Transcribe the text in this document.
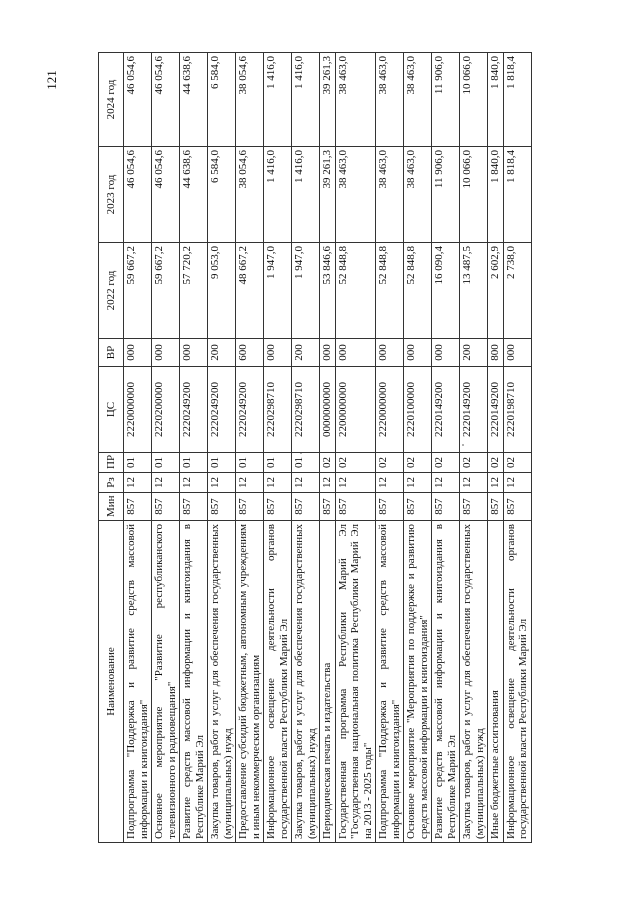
121
Наименование	Мин	Рз	ПР	ЦС	ВР	2022 год	2023 год	2024 год
Подпрограмма "Поддержка и развитие средств массовой информации и книгоиздания"	857	12	01	2220000000	000	59 667,2	46 054,6	46 054,6
Основное мероприятие "Развитие республиканского телевизионного и радиовещания"	857	12	01	2220200000	000	59 667,2	46 054,6	46 054,6
Развитие средств массовой информации и книгоиздания в Республике Марий Эл	857	12	01	2220249200	000	57 720,2	44 638,6	44 638,6
Закупка товаров, работ и услуг для обеспечения государственных (муниципальных) нужд	857	12	01	2220249200	200	9 053,0	6 584,0	6 584,0
Предоставление субсидий бюджетным, автономным учреждениям и иным некоммерческим организациям	857	12	01	2220249200	600	48 667,2	38 054,6	38 054,6
Информационное освещение деятельности органов государственной власти Республики Марий Эл	857	12	01	2220298710	000	1 947,0	1 416,0	1 416,0
Закупка товаров, работ и услуг для обеспечения государственных (муниципальных) нужд	857	12	01	2220298710	200	1 947,0	1 416,0	1 416,0
Периодическая печать и издательства	857	12	02	0000000000	000	53 846,6	39 261,3	39 261,3
Государственная программа Республики Марий Эл "Государственная национальная политика Республики Марий Эл на 2013 - 2025 годы"	857	12	02	2200000000	000	52 848,8	38 463,0	38 463,0
Подпрограмма "Поддержка и развитие средств массовой информации и книгоиздания"	857	12	02	2220000000	000	52 848,8	38 463,0	38 463,0
Основное мероприятие "Мероприятия по поддержке и развитию средств массовой информации и книгоиздания"	857	12	02	2220100000	000	52 848,8	38 463,0	38 463,0
Развитие средств массовой информации и книгоиздания в Республике Марий Эл	857	12	02	2220149200	000	16 090,4	11 906,0	11 906,0
Закупка товаров, работ и услуг для обеспечения государственных (муниципальных) нужд	857	12	02	2220149200	200	13 487,5	10 066,0	10 066,0
Иные бюджетные ассигнования	857	12	02	2220149200	800	2 602,9	1 840,0	1 840,0
Информационное освещение деятельности органов государственной власти Республики Марий Эл	857	12	02	2220198710	000	2 738,0	1 818,4	1 818,4
